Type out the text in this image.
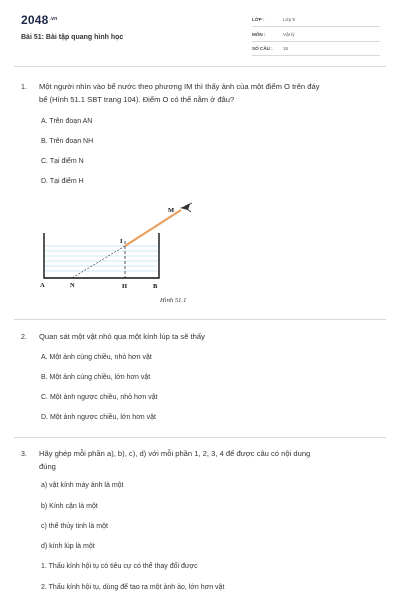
$2048^{.vn}$
Bài 51: Bài tập quang hình học
LỚP :	Lớp 9
MÔN :	Vật lý
SỐ CÂU : 15
1. Một người nhìn vào bể nước theo phương IM thì thấy ảnh của một điểm O trên đáy
bể (Hình 51.1 SBT trang 104). Điểm O có thể nằm ở đâu?
A. Trên đoạn AN
B. Trên đoạn NH
C. Tại điểm N
D. Tại điểm H
A	N	H	B
I
M
Hình 51.1
2. Quan sát một vật nhỏ qua một kính lúp ta sẽ thấy
A. Một ảnh cùng chiều, nhỏ hơn vật
B. Một ảnh cùng chiều, lớn hơn vật
C. Một ảnh ngược chiều, nhỏ hơn vật
D. Một ảnh ngược chiều, lớn hơn vật
3. Hãy ghép mỗi phần a), b), c), d) với mỗi phần 1, 2, 3, 4 để được câu có nội dung
đúng
a) vật kính máy ảnh là một
b) Kính cận là một
c) thể thủy tinh là một
d) kính lúp là một
1. Thấu kính hội tụ có tiêu cự có thể thay đổi được
2. Thấu kính hội tụ, dùng để tạo ra một ảnh ảo, lớn hơn vật
